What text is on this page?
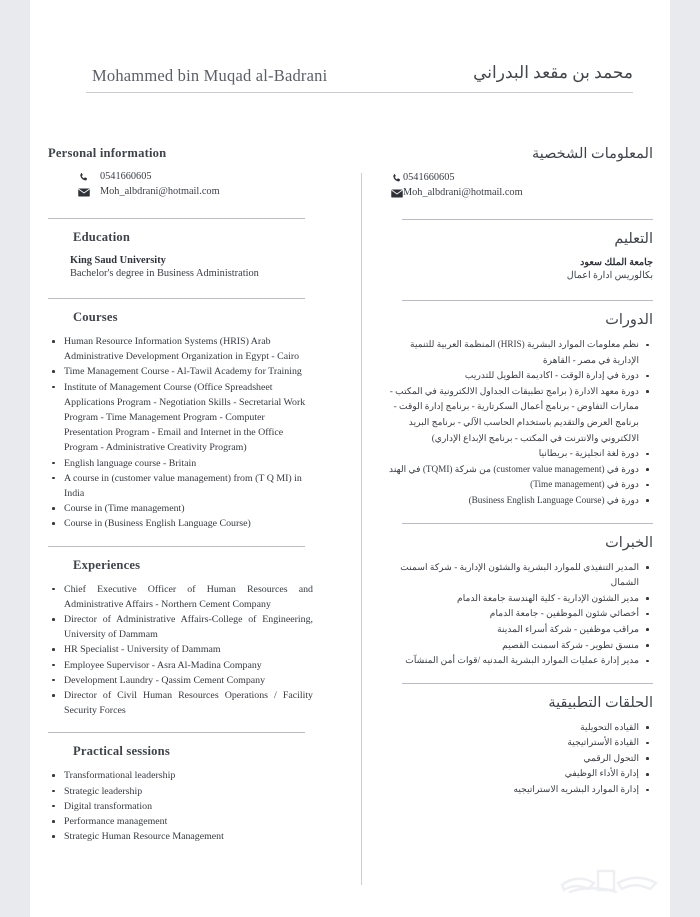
Mohammed bin Muqad al-Badrani	محمد بن مقعد البدراني
Personal information
0541660605
Moh_albdrani@hotmail.com
Education
King Saud University
Bachelor's degree in Business Administration
Courses
Human Resource Information Systems (HRIS) Arab Administrative Development Organization in Egypt - Cairo
Time Management Course - Al-Tawil Academy for Training
Institute of Management Course (Office Spreadsheet Applications Program - Negotiation Skills - Secretarial Work Program - Time Management Program - Computer Presentation Program - Email and Internet in the Office Program - Administrative Creativity Program)
English language course - Britain
A course in (customer value management) from (T Q MI) in India
Course in (Time management)
Course in (Business English Language Course)
Experiences
Chief Executive Officer of Human Resources and Administrative Affairs - Northern Cement Company
Director of Administrative Affairs-College of Engineering, University of Dammam
HR Specialist - University of Dammam
Employee Supervisor - Asra Al-Madina Company
Development Laundry - Qassim Cement Company
Director of Civil Human Resources Operations / Facility Security Forces
Practical sessions
Transformational leadership
Strategic leadership
Digital transformation
Performance management
Strategic Human Resource Management
المعلومات الشخصية
0541660605
Moh_albdrani@hotmail.com
التعليم
جامعة الملك سعود
بكالوريس ادارة اعمال
الدورات
نظم معلومات الموارد البشرية (HRIS) المنظمة العربية للتنمية الإدارية في مصر - القاهرة
دورة في إدارة الوقت - اكاديمة الطويل للتدريب
دورة معهد الادارة ( برامج تطبيقات الجداول الالكترونية في المكتب - ممارات التفاوض - برنامج أعمال السكرتارية - برنامج إدارة الوقت - برنامج العرض والتقديم باستخدام الحاسب الآلي - برنامج البريد الالكتروني والانترنت في المكتب - برنامج الإبداع الإداري)
دورة لغة انجليزية - بريطانيا
دورة في (customer value management) من شركة (TQMI) في الهند
دورة في (Time management)
دورة في (Business English Language Course)
الخبرات
المدير التنفيذي للموارد البشرية والشئون الإدارية - شركة اسمنت الشمال
مدير الشئون الإدارية - كلية الهندسة جامعة الدمام
أخصائي شئون الموظفين - جامعة الدمام
مراقب موظفين - شركة أسراء المدينة
منسق تطوير - شركة اسمنت القصيم
مدير إدارة عمليات الموارد البشرية المدنيه /قوات أمن المنشآت
الحلقات التطبيقية
القياده التحويلية
القيادة الأستراتيجية
التحول الرقمي
إدارة الأداء الوظيفي
إدارة الموارد البشريه الاستراتيجيه
